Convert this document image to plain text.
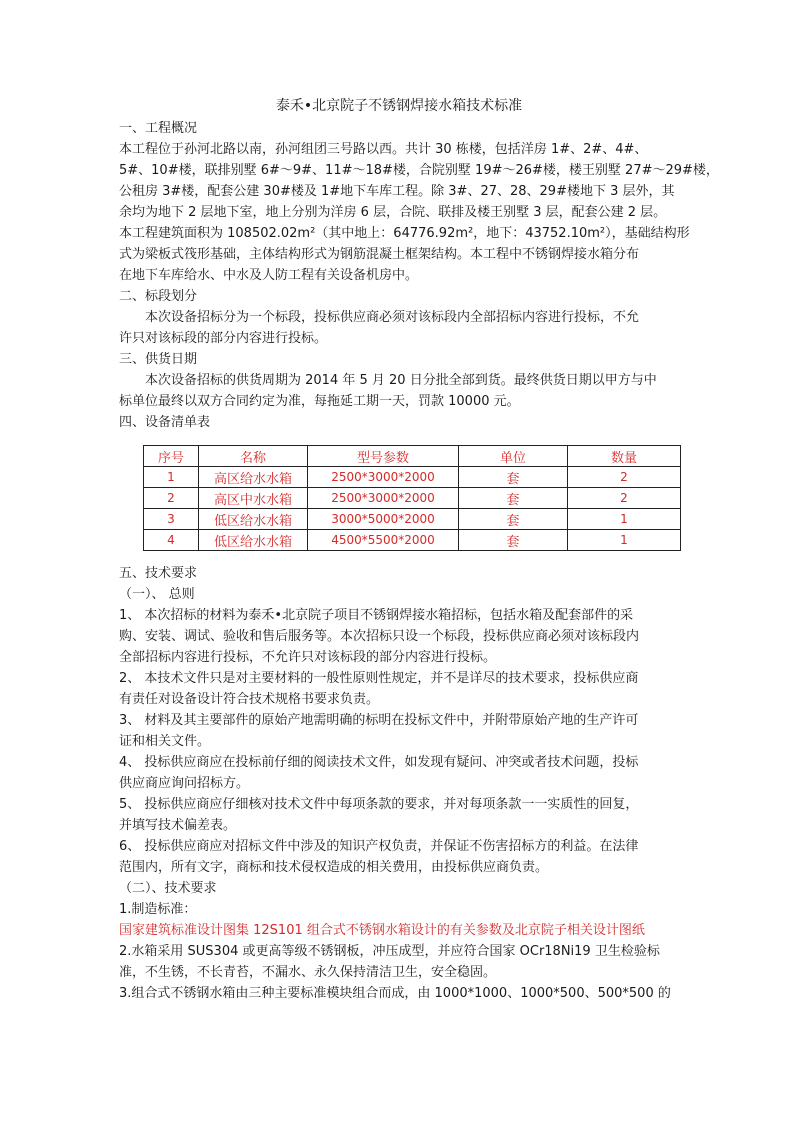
泰禾•北京院子不锈钢焊接水箱技术标准

一、工程概况

本工程位于孙河北路以南，孙河组团三号路以西。共计 30 栋楼，包括洋房 1#、2#、4#、

5#、10#楼，联排别墅 6#～9#、11#～18#楼，合院别墅 19#～26#楼，楼王别墅 27#～29#楼，

公租房 3#楼，配套公建 30#楼及 1#地下车库工程。除 3#、27、28、29#楼地下 3 层外，其

余均为地下 2 层地下室，地上分别为洋房 6 层，合院、联排及楼王别墅 3 层，配套公建 2 层。

本工程建筑面积为 108502.02m²（其中地上：64776.92m²，地下：43752.10m²），基础结构形

式为梁板式筏形基础，主体结构形式为钢筋混凝土框架结构。本工程中不锈钢焊接水箱分布

在地下车库给水、中水及人防工程有关设备机房中。

二、标段划分

本次设备招标分为一个标段，投标供应商必须对该标段内全部招标内容进行投标，不允

许只对该标段的部分内容进行投标。

三、供货日期

本次设备招标的供货周期为 2014 年 5 月 20 日分批全部到货。最终供货日期以甲方与中

标单位最终以双方合同约定为准，每拖延工期一天，罚款 10000 元。

四、设备清单表

序号	名称	型号参数	单位	数量
1	高区给水水箱	2500*3000*2000	套	2
2	高区中水水箱	2500*3000*2000	套	2
3	低区给水水箱	3000*5000*2000	套	1
4	低区给水水箱	4500*5500*2000	套	1

五、技术要求

（一）、 总则

1、 本次招标的材料为泰禾•北京院子项目不锈钢焊接水箱招标，包括水箱及配套部件的采

购、安装、调试、验收和售后服务等。本次招标只设一个标段，投标供应商必须对该标段内

全部招标内容进行投标，不允许只对该标段的部分内容进行投标。

2、 本技术文件只是对主要材料的一般性原则性规定，并不是详尽的技术要求，投标供应商

有责任对设备设计符合技术规格书要求负责。

3、 材料及其主要部件的原始产地需明确的标明在投标文件中，并附带原始产地的生产许可

证和相关文件。

4、 投标供应商应在投标前仔细的阅读技术文件，如发现有疑问、冲突或者技术问题，投标

供应商应询问招标方。

5、 投标供应商应仔细核对技术文件中每项条款的要求，并对每项条款一一实质性的回复，

并填写技术偏差表。

6、 投标供应商应对招标文件中涉及的知识产权负责，并保证不伤害招标方的利益。在法律

范围内，所有文字，商标和技术侵权造成的相关费用，由投标供应商负责。

（二）、技术要求

1.制造标准：

国家建筑标准设计图集 12S101 组合式不锈钢水箱设计的有关参数及北京院子相关设计图纸

2.水箱采用 SUS304 或更高等级不锈钢板，冲压成型，并应符合国家 OCr18Ni19 卫生检验标

准，不生锈，不长青苔，不漏水、永久保持清洁卫生，安全稳固。

3.组合式不锈钢水箱由三种主要标准模块组合而成，由 1000*1000、1000*500、500*500 的
